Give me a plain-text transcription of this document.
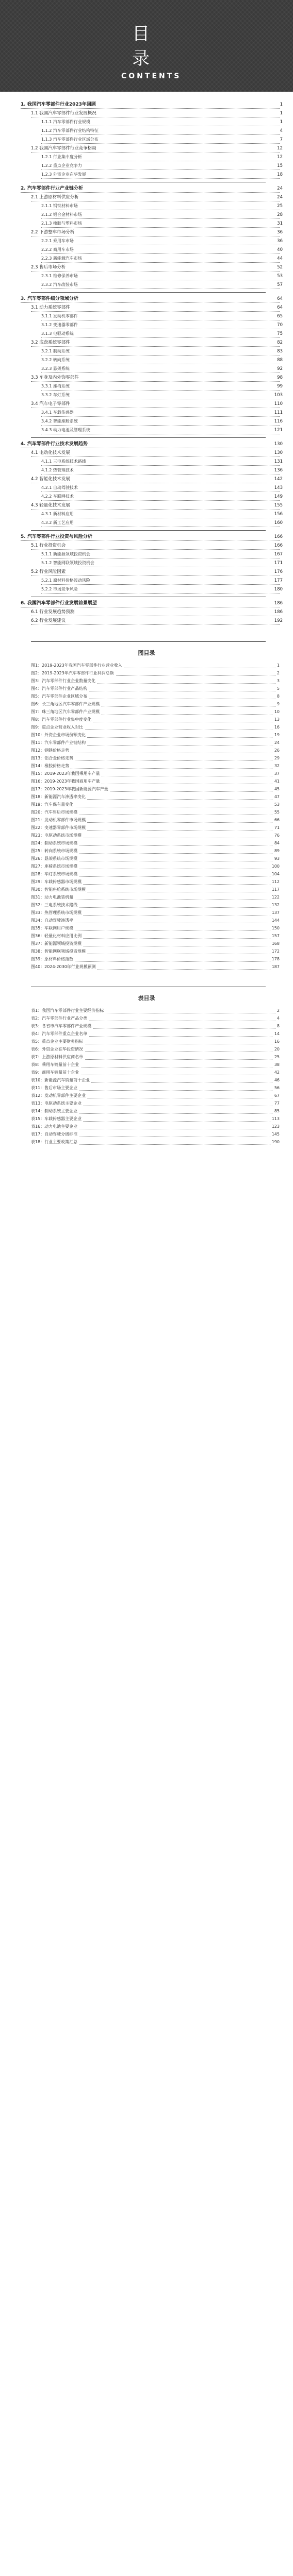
目
录
CONTENTS
1. 我国汽车零部件行业2023年回顾	1
1.1 我国汽车零部件行业发展概况	1
1.1.1 汽车零部件行业规模	1
1.1.2 汽车零部件行业结构特征	4
1.1.3 汽车零部件行业区域分布	7
1.2 我国汽车零部件行业竞争格局	12
1.2.1 行业集中度分析	12
1.2.2 重点企业竞争力	15
1.2.3 外资企业在华发展	18
2. 汽车零部件行业产业链分析	24
2.1 上游原材料供应分析	24
2.1.1 钢铁材料市场	25
2.1.2 铝合金材料市场	28
2.1.3 橡胶与塑料市场	31
2.2 下游整车市场分析	36
2.2.1 乘用车市场	36
2.2.2 商用车市场	40
2.2.3 新能源汽车市场	44
2.3 售后市场分析	52
2.3.1 维修保养市场	53
2.3.2 汽车改装市场	57
3. 汽车零部件细分领域分析	64
3.1 动力系统零部件	64
3.1.1 发动机零部件	65
3.1.2 变速器零部件	70
3.1.3 电驱动系统	75
3.2 底盘系统零部件	82
3.2.1 制动系统	83
3.2.2 转向系统	88
3.2.3 悬架系统	92
3.3 车身及内外饰零部件	98
3.3.1 座椅系统	99
3.3.2 车灯系统	103
3.4 汽车电子零部件	110
3.4.1 车载传感器	111
3.4.2 智能座舱系统	116
3.4.3 动力电池及管理系统	121
4. 汽车零部件行业技术发展趋势	130
4.1 电动化技术发展	130
4.1.1 三电系统技术路线	131
4.1.2 热管理技术	136
4.2 智能化技术发展	142
4.2.1 自动驾驶技术	143
4.2.2 车联网技术	149
4.3 轻量化技术发展	155
4.3.1 新材料应用	156
4.3.2 新工艺应用	160
5. 汽车零部件行业投资与风险分析	166
5.1 行业投资机会	166
5.1.1 新能源领域投资机会	167
5.1.2 智能网联领域投资机会	171
5.2 行业风险因素	176
5.2.1 原材料价格波动风险	177
5.2.2 市场竞争风险	180
6. 我国汽车零部件行业发展前景展望	186
6.1 行业发展趋势预测	186
6.2 行业发展建议	192
图目录
图1：2019-2023年我国汽车零部件行业营业收入	1
图2：2019-2023年汽车零部件行业利润总额	2
图3：汽车零部件行业企业数量变化	3
图4：汽车零部件行业产品结构	5
图5：汽车零部件企业区域分布	8
图6：长三角地区汽车零部件产业规模	9
图7：珠三角地区汽车零部件产业规模	10
图8：汽车零部件行业集中度变化	13
图9：重点企业营业收入对比	16
图10：外资企业市场份额变化	19
图11：汽车零部件产业链结构	24
图12：钢铁价格走势	26
图13：铝合金价格走势	29
图14：橡胶价格走势	32
图15：2019-2023年我国乘用车产量	37
图16：2019-2023年我国商用车产量	41
图17：2019-2023年我国新能源汽车产量	45
图18：新能源汽车渗透率变化	47
图19：汽车保有量变化	53
图20：汽车售后市场规模	55
图21：发动机零部件市场规模	66
图22：变速器零部件市场规模	71
图23：电驱动系统市场规模	76
图24：制动系统市场规模	84
图25：转向系统市场规模	89
图26：悬架系统市场规模	93
图27：座椅系统市场规模	100
图28：车灯系统市场规模	104
图29：车载传感器市场规模	112
图30：智能座舱系统市场规模	117
图31：动力电池装机量	122
图32：三电系统技术路线	132
图33：热管理系统市场规模	137
图34：自动驾驶渗透率	144
图35：车联网用户规模	150
图36：轻量化材料应用比例	157
图37：新能源领域投资规模	168
图38：智能网联领域投资规模	172
图39：原材料价格指数	178
图40：2024-2030年行业规模预测	187
表目录
表1：我国汽车零部件行业主要经济指标	2
表2：汽车零部件行业产品分类	4
表3：各省市汽车零部件产业规模	8
表4：汽车零部件重点企业名单	14
表5：重点企业主要财务指标	16
表6：外资企业在华投资情况	20
表7：上游原材料供应商名单	25
表8：乘用车销量前十企业	38
表9：商用车销量前十企业	42
表10：新能源汽车销量前十企业	46
表11：售后市场主要企业	56
表12：发动机零部件主要企业	67
表13：电驱动系统主要企业	77
表14：制动系统主要企业	85
表15：车载传感器主要企业	113
表16：动力电池主要企业	123
表17：自动驾驶分级标准	145
表18：行业主要政策汇总	190
